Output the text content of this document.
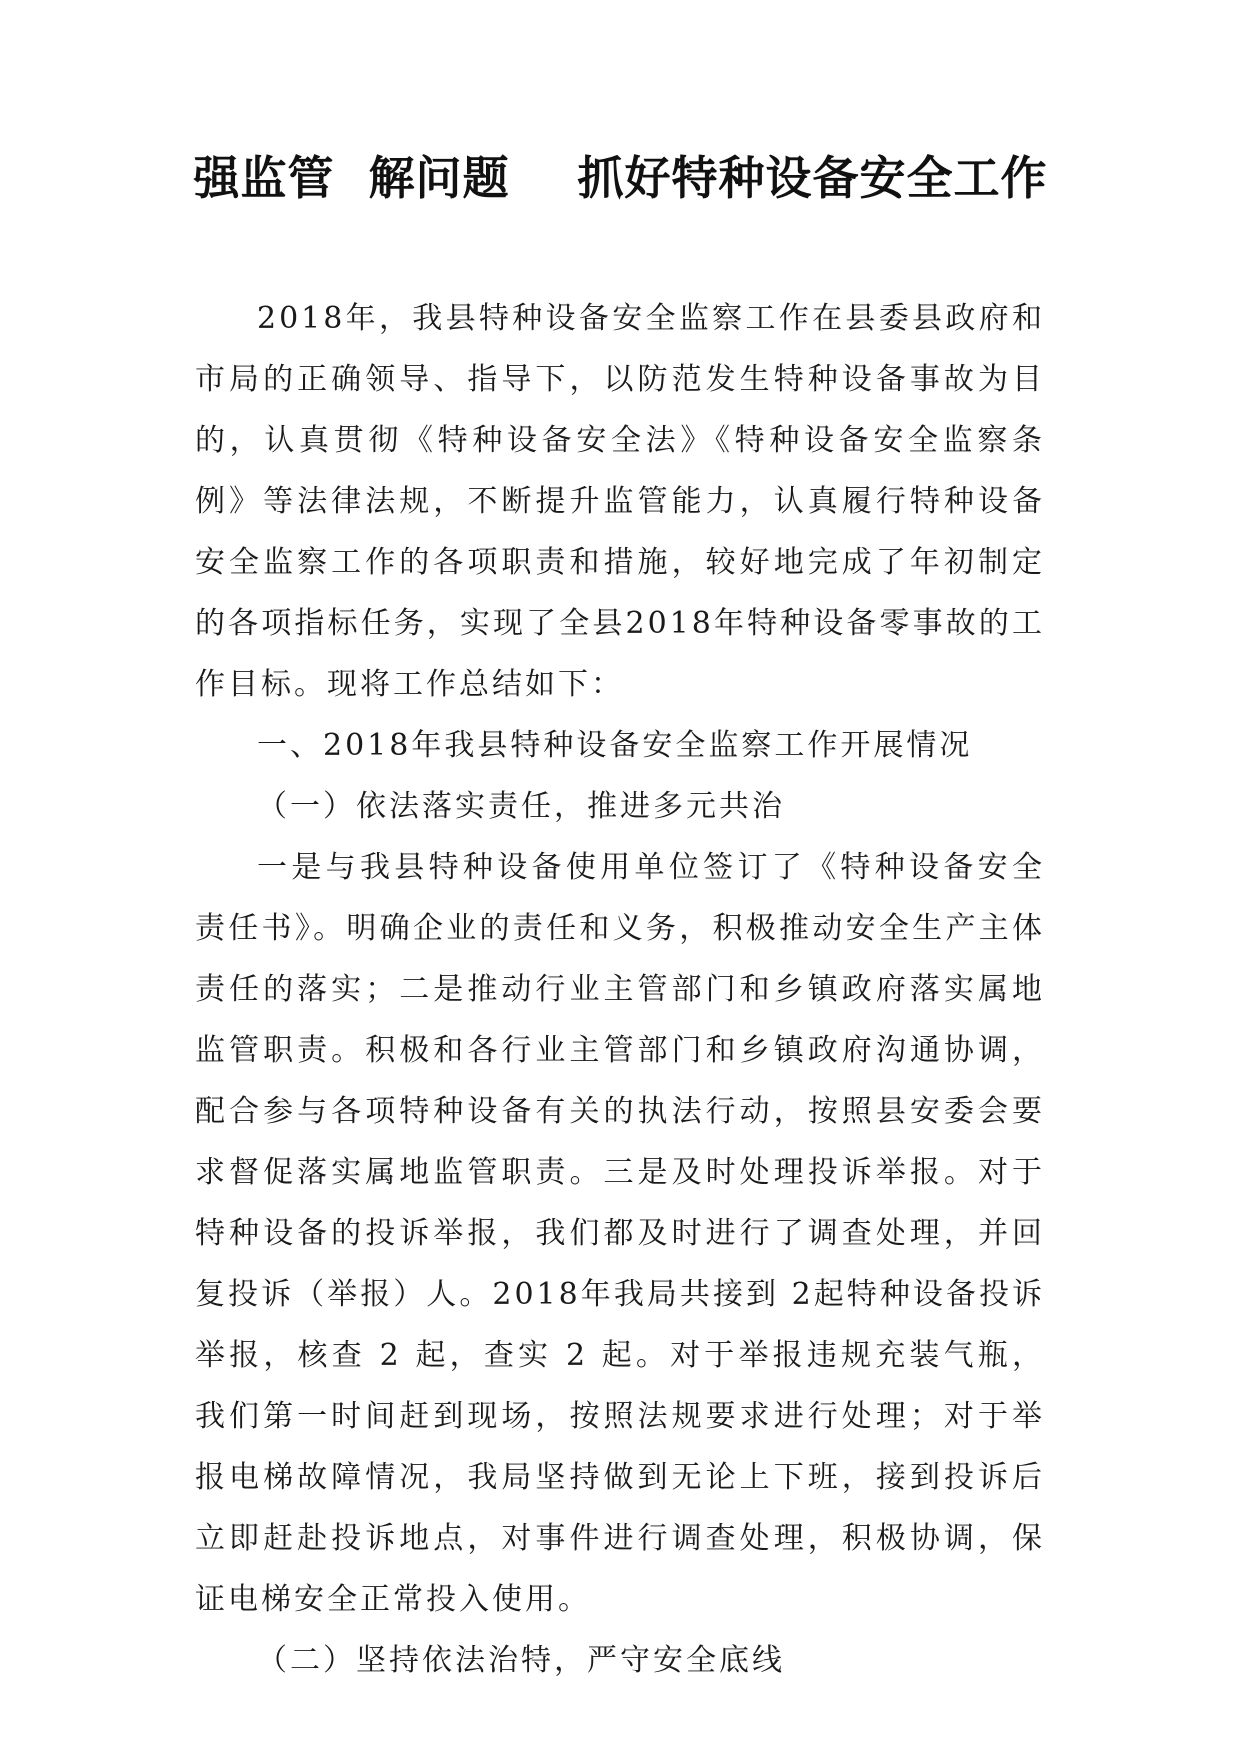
强监管  解问题    抓好特种设备安全工作

2018年，我县特种设备安全监察工作在县委县政府和市局的正确领导、指导下，以防范发生特种设备事故为目的，认真贯彻《特种设备安全法》《特种设备安全监察条例》等法律法规，不断提升监管能力，认真履行特种设备安全监察工作的各项职责和措施，较好地完成了年初制定的各项指标任务，实现了全县2018年特种设备零事故的工作目标。现将工作总结如下：

一、2018年我县特种设备安全监察工作开展情况

（一）依法落实责任，推进多元共治

一是与我县特种设备使用单位签订了《特种设备安全责任书》。明确企业的责任和义务，积极推动安全生产主体责任的落实；二是推动行业主管部门和乡镇政府落实属地监管职责。积极和各行业主管部门和乡镇政府沟通协调，配合参与各项特种设备有关的执法行动，按照县安委会要求督促落实属地监管职责。三是及时处理投诉举报。对于特种设备的投诉举报，我们都及时进行了调查处理，并回复投诉（举报）人。2018年我局共接到 2起特种设备投诉举报，核查 2 起，查实 2 起。对于举报违规充装气瓶，我们第一时间赶到现场，按照法规要求进行处理；对于举报电梯故障情况，我局坚持做到无论上下班，接到投诉后立即赶赴投诉地点，对事件进行调查处理，积极协调，保证电梯安全正常投入使用。

（二）坚持依法治特，严守安全底线
